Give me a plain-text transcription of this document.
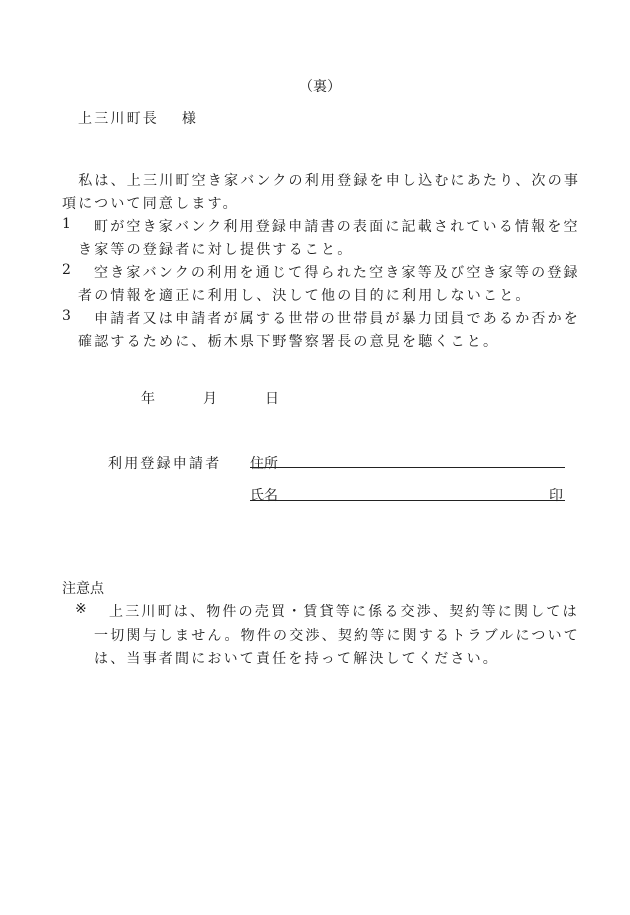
（裏）
上三川町長　 様
　私は、上三川町空き家バンクの利用登録を申し込むにあたり、次の事
項について同意します。
1 町が空き家バンク利用登録申請書の表面に記載されている情報を空
き家等の登録者に対し提供すること。
2 空き家バンクの利用を通じて得られた空き家等及び空き家等の登録
者の情報を適正に利用し、決して他の目的に利用しないこと。
3 申請者又は申請者が属する世帯の世帯員が暴力団員であるか否かを
確認するために、栃木県下野警察署長の意見を聴くこと。
年	月	日
利用登録申請者 住所
氏名	印
注意点
※ 上三川町は、物件の売買・賃貸等に係る交渉、契約等に関しては
一切関与しません。物件の交渉、契約等に関するトラブルについて
は、当事者間において責任を持って解決してください。
